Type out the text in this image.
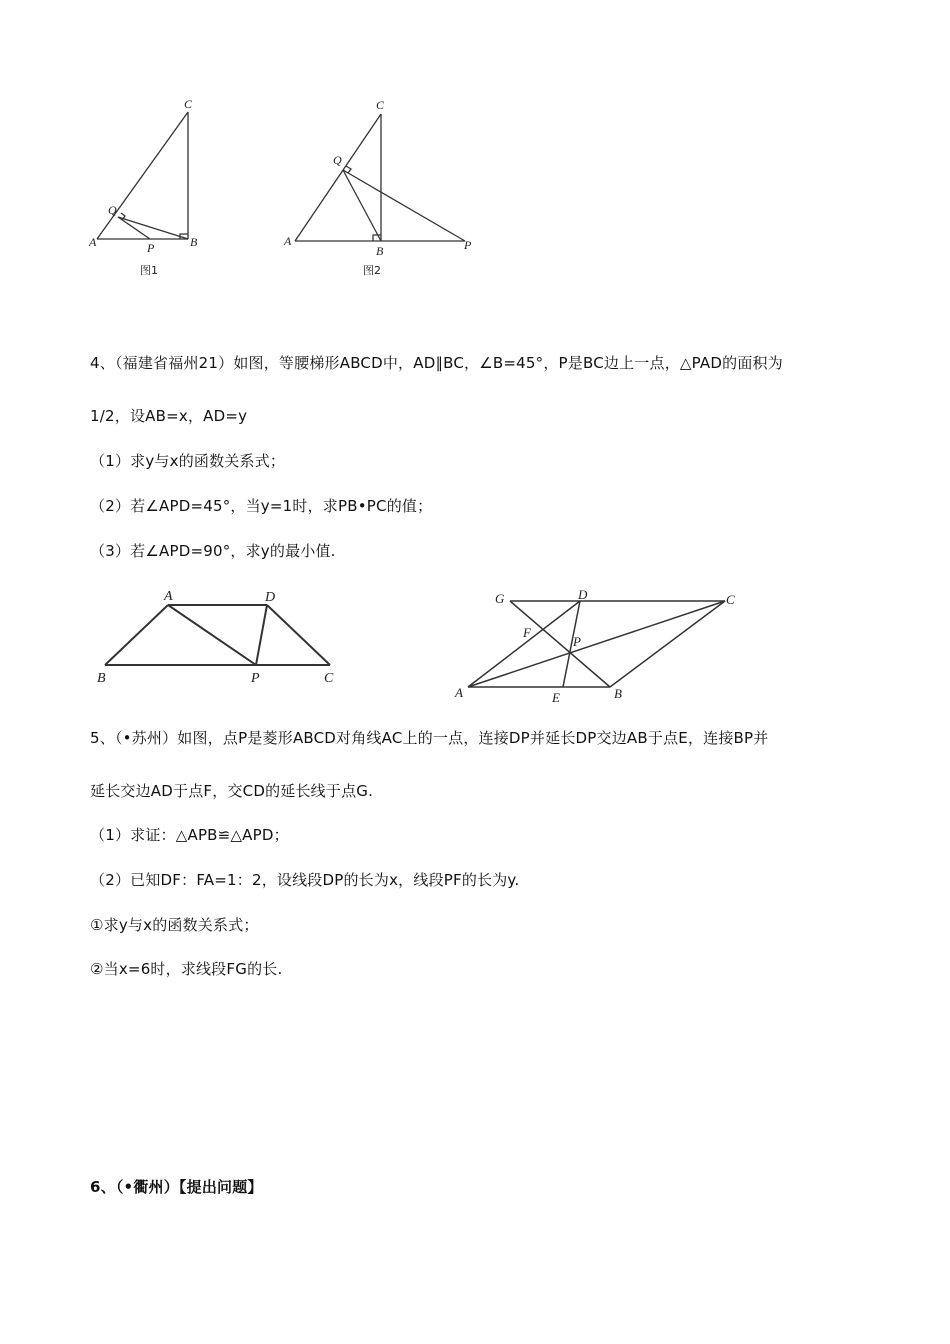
C
Q
A	P	B
图1
C
Q
A
B	P
图2
4、（福建省福州21）如图，等腰梯形ABCD中，AD∥BC，∠B=45°，P是BC边上一点，△PAD的面积为
1/2，设AB=x，AD=y
（1）求y与x的函数关系式；
（2）若∠APD=45°，当y=1时，求PB•PC的值；
（3）若∠APD=90°，求y的最小值.
A	D
B	P	C
G	D	C
F
P
A	E	B
5、（•苏州）如图，点P是菱形ABCD对角线AC上的一点，连接DP并延长DP交边AB于点E，连接BP并
延长交边AD于点F，交CD的延长线于点G.
（1）求证：△APB≌△APD；
（2）已知DF：FA=1：2，设线段DP的长为x，线段PF的长为y.
①求y与x的函数关系式；
②当x=6时，求线段FG的长.
6、（•衢州）【提出问题】
